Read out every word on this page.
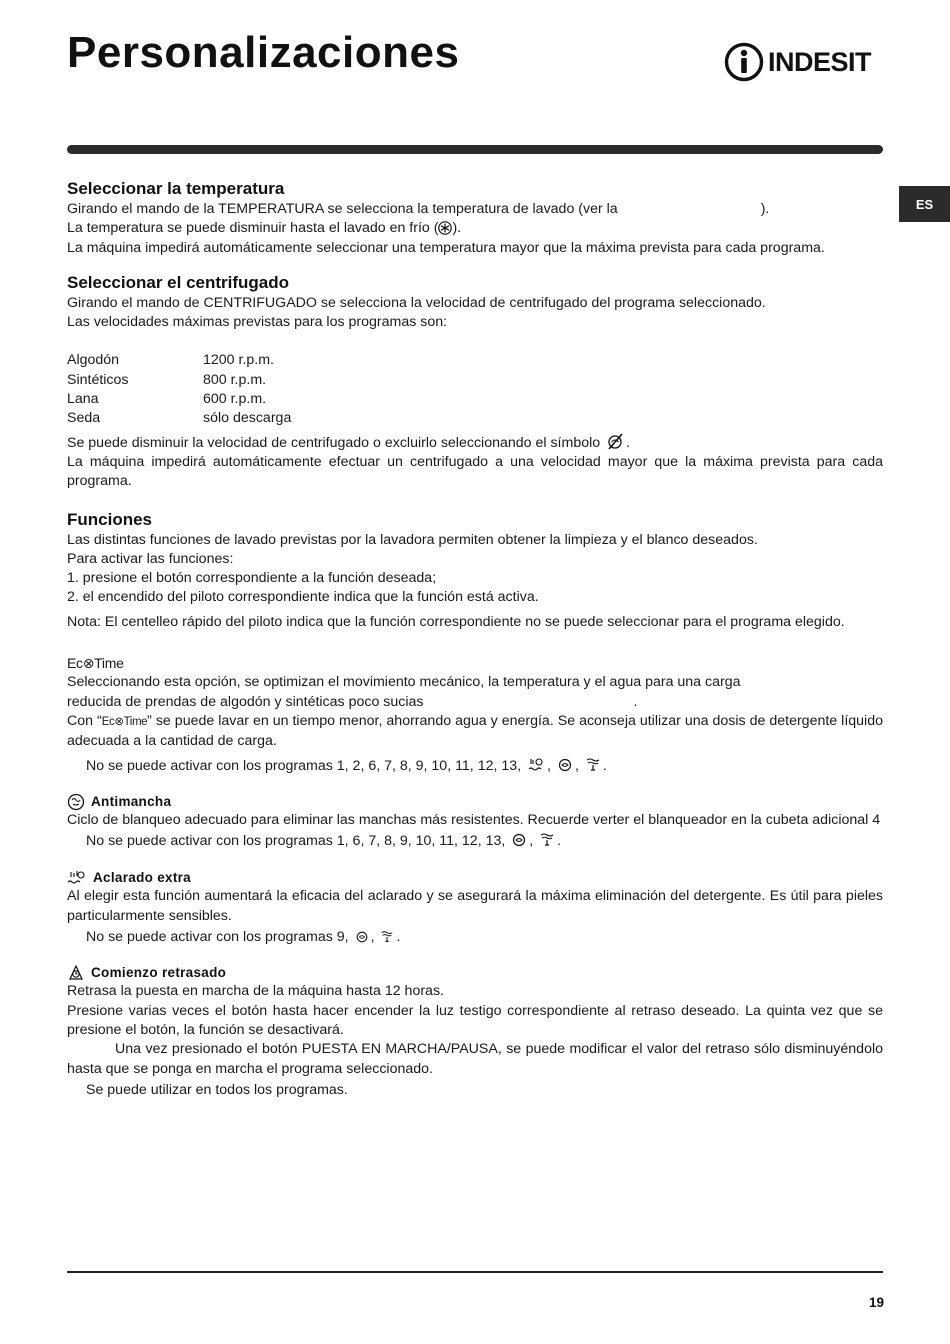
Personalizaciones	INDESIT
ES
Seleccionar la temperatura

Girando el mando de la TEMPERATURA se selecciona la temperatura de lavado (ver la	).

La temperatura se puede disminuir hasta el lavado en frío ( ).

La máquina impedirá automáticamente seleccionar una temperatura mayor que la máxima prevista para cada programa.

Seleccionar el centrifugado

Girando el mando de CENTRIFUGADO se selecciona la velocidad de centrifugado del programa seleccionado.

Las velocidades máximas previstas para los programas son:

Algodón	1200 r.p.m.
Sintéticos	800 r.p.m.
Lana	600 r.p.m.
Seda	sólo descarga

Se puede disminuir la velocidad de centrifugado o excluirlo seleccionando el símbolo .

La máquina impedirá automáticamente efectuar un centrifugado a una velocidad mayor que la máxima prevista para cada programa.

Funciones

Las distintas funciones de lavado previstas por la lavadora permiten obtener la limpieza y el blanco deseados.

Para activar las funciones:

1. presione el botón correspondiente a la función deseada;

2. el encendido del piloto correspondiente indica que la función está activa.

Nota: El centelleo rápido del piloto indica que la función correspondiente no se puede seleccionar para el programa elegido.

Ec⊗Time

Seleccionando esta opción, se optimizan el movimiento mecánico, la temperatura y el agua para una carga
reducida de prendas de algodón y sintéticas poco sucias	.

Con “Ec⊗Time” se puede lavar en un tiempo menor, ahorrando agua y energía. Se aconseja utilizar una dosis de detergente líquido adecuada a la cantidad de carga.

No se puede activar con los programas 1, 2, 6, 7, 8, 9, 10, 11, 12, 13, , , .

Antimancha

Ciclo de blanqueo adecuado para eliminar las manchas más resistentes. Recuerde verter el blanqueador en la cubeta adicional 4

No se puede activar con los programas 1, 6, 7, 8, 9, 10, 11, 12, 13, , .

Aclarado extra

Al elegir esta función aumentará la eficacia del aclarado y se asegurará la máxima eliminación del detergente. Es útil para pieles particularmente sensibles.

No se puede activar con los programas 9, , .

Comienzo retrasado

Retrasa la puesta en marcha de la máquina hasta 12 horas.

Presione varias veces el botón hasta hacer encender la luz testigo correspondiente al retraso deseado. La quinta vez que se presione el botón, la función se desactivará.

Una vez presionado el botón PUESTA EN MARCHA/PAUSA, se puede modificar el valor del retraso sólo disminuyéndolo hasta que se ponga en marcha el programa seleccionado.

Se puede utilizar en todos los programas.

19
